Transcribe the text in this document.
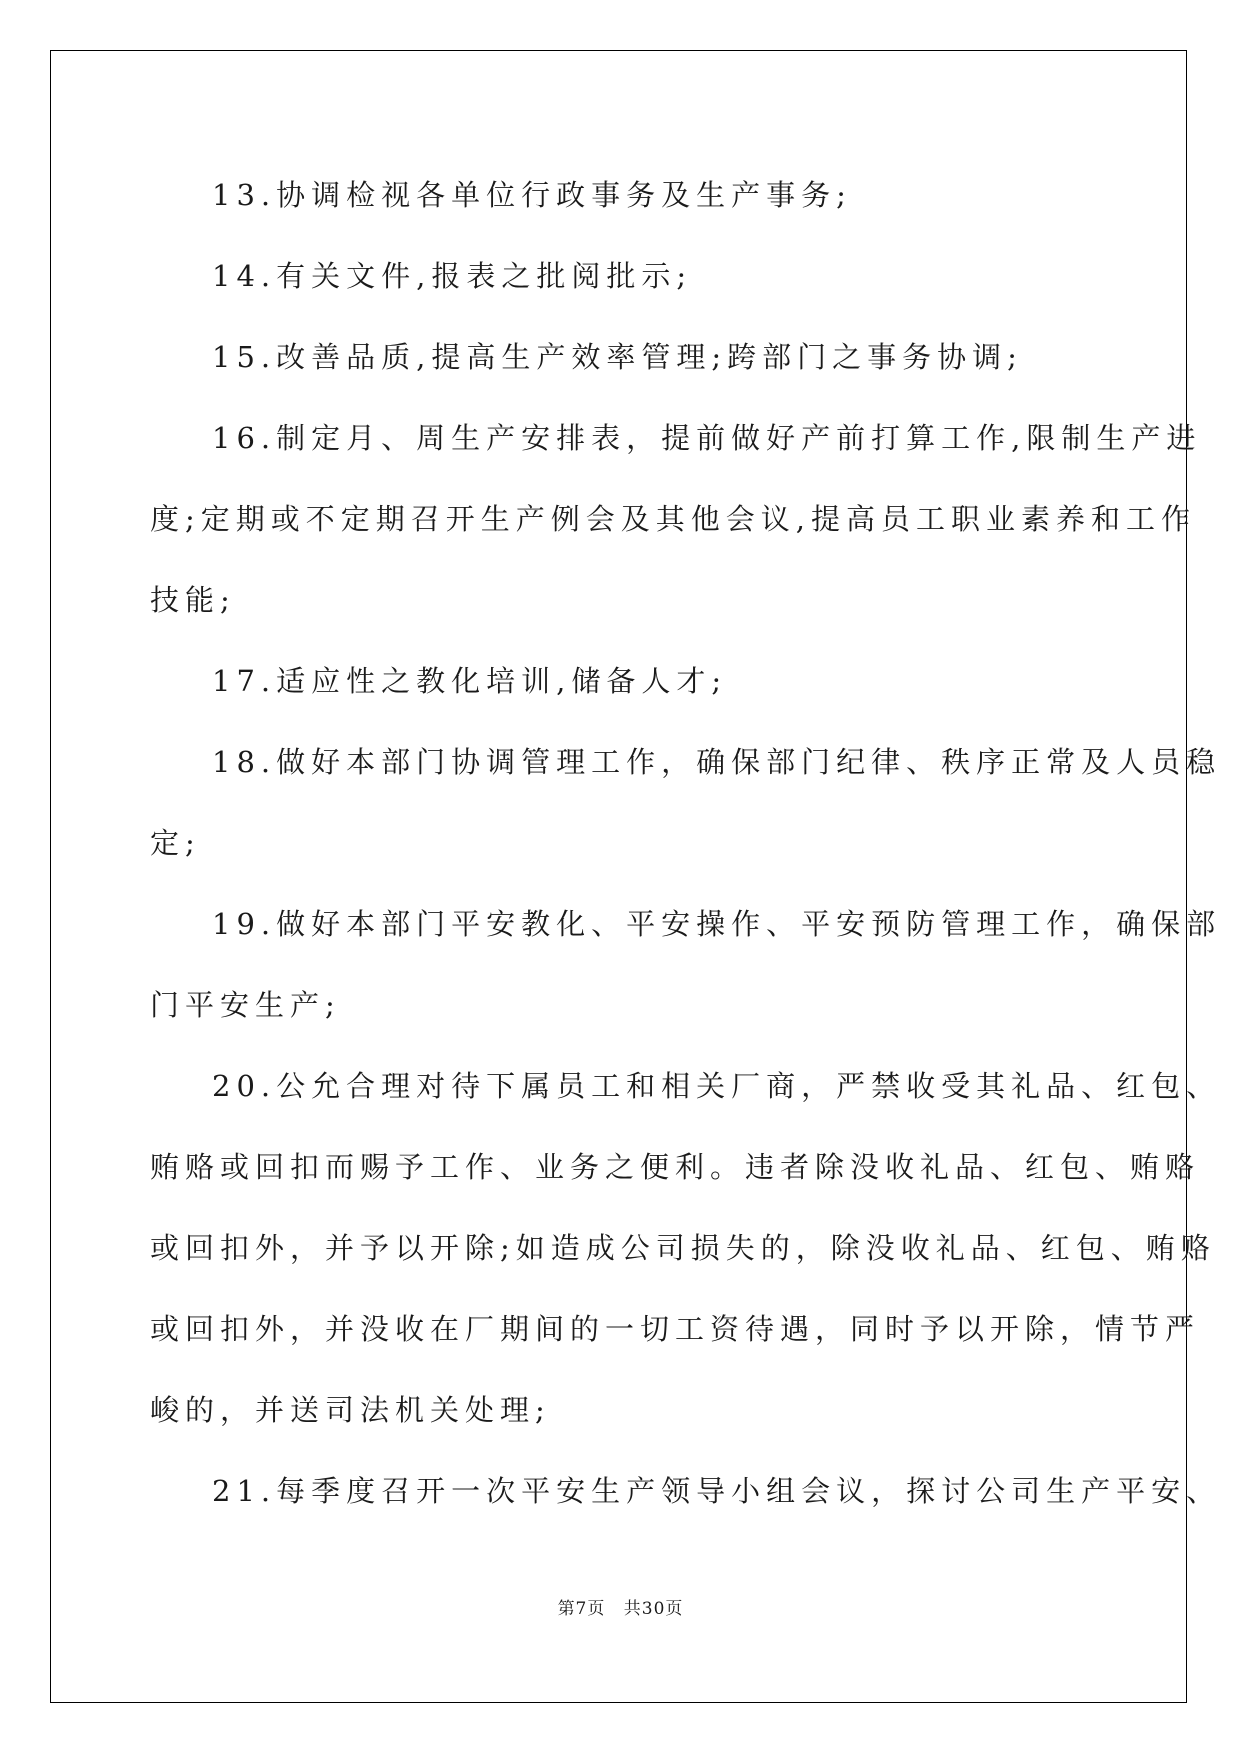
13.协调检视各单位行政事务及生产事务;
14.有关文件,报表之批阅批示;
15.改善品质,提高生产效率管理;跨部门之事务协调;
16.制定月、周生产安排表，提前做好产前打算工作,限制生产进
度;定期或不定期召开生产例会及其他会议,提高员工职业素养和工作
技能;
17.适应性之教化培训,储备人才;
18.做好本部门协调管理工作，确保部门纪律、秩序正常及人员稳
定;
19.做好本部门平安教化、平安操作、平安预防管理工作，确保部
门平安生产;
20.公允合理对待下属员工和相关厂商，严禁收受其礼品、红包、
贿赂或回扣而赐予工作、业务之便利。违者除没收礼品、红包、贿赂
或回扣外，并予以开除;如造成公司损失的，除没收礼品、红包、贿赂
或回扣外，并没收在厂期间的一切工资待遇，同时予以开除，情节严
峻的，并送司法机关处理;
21.每季度召开一次平安生产领导小组会议，探讨公司生产平安、
第7页 共30页
